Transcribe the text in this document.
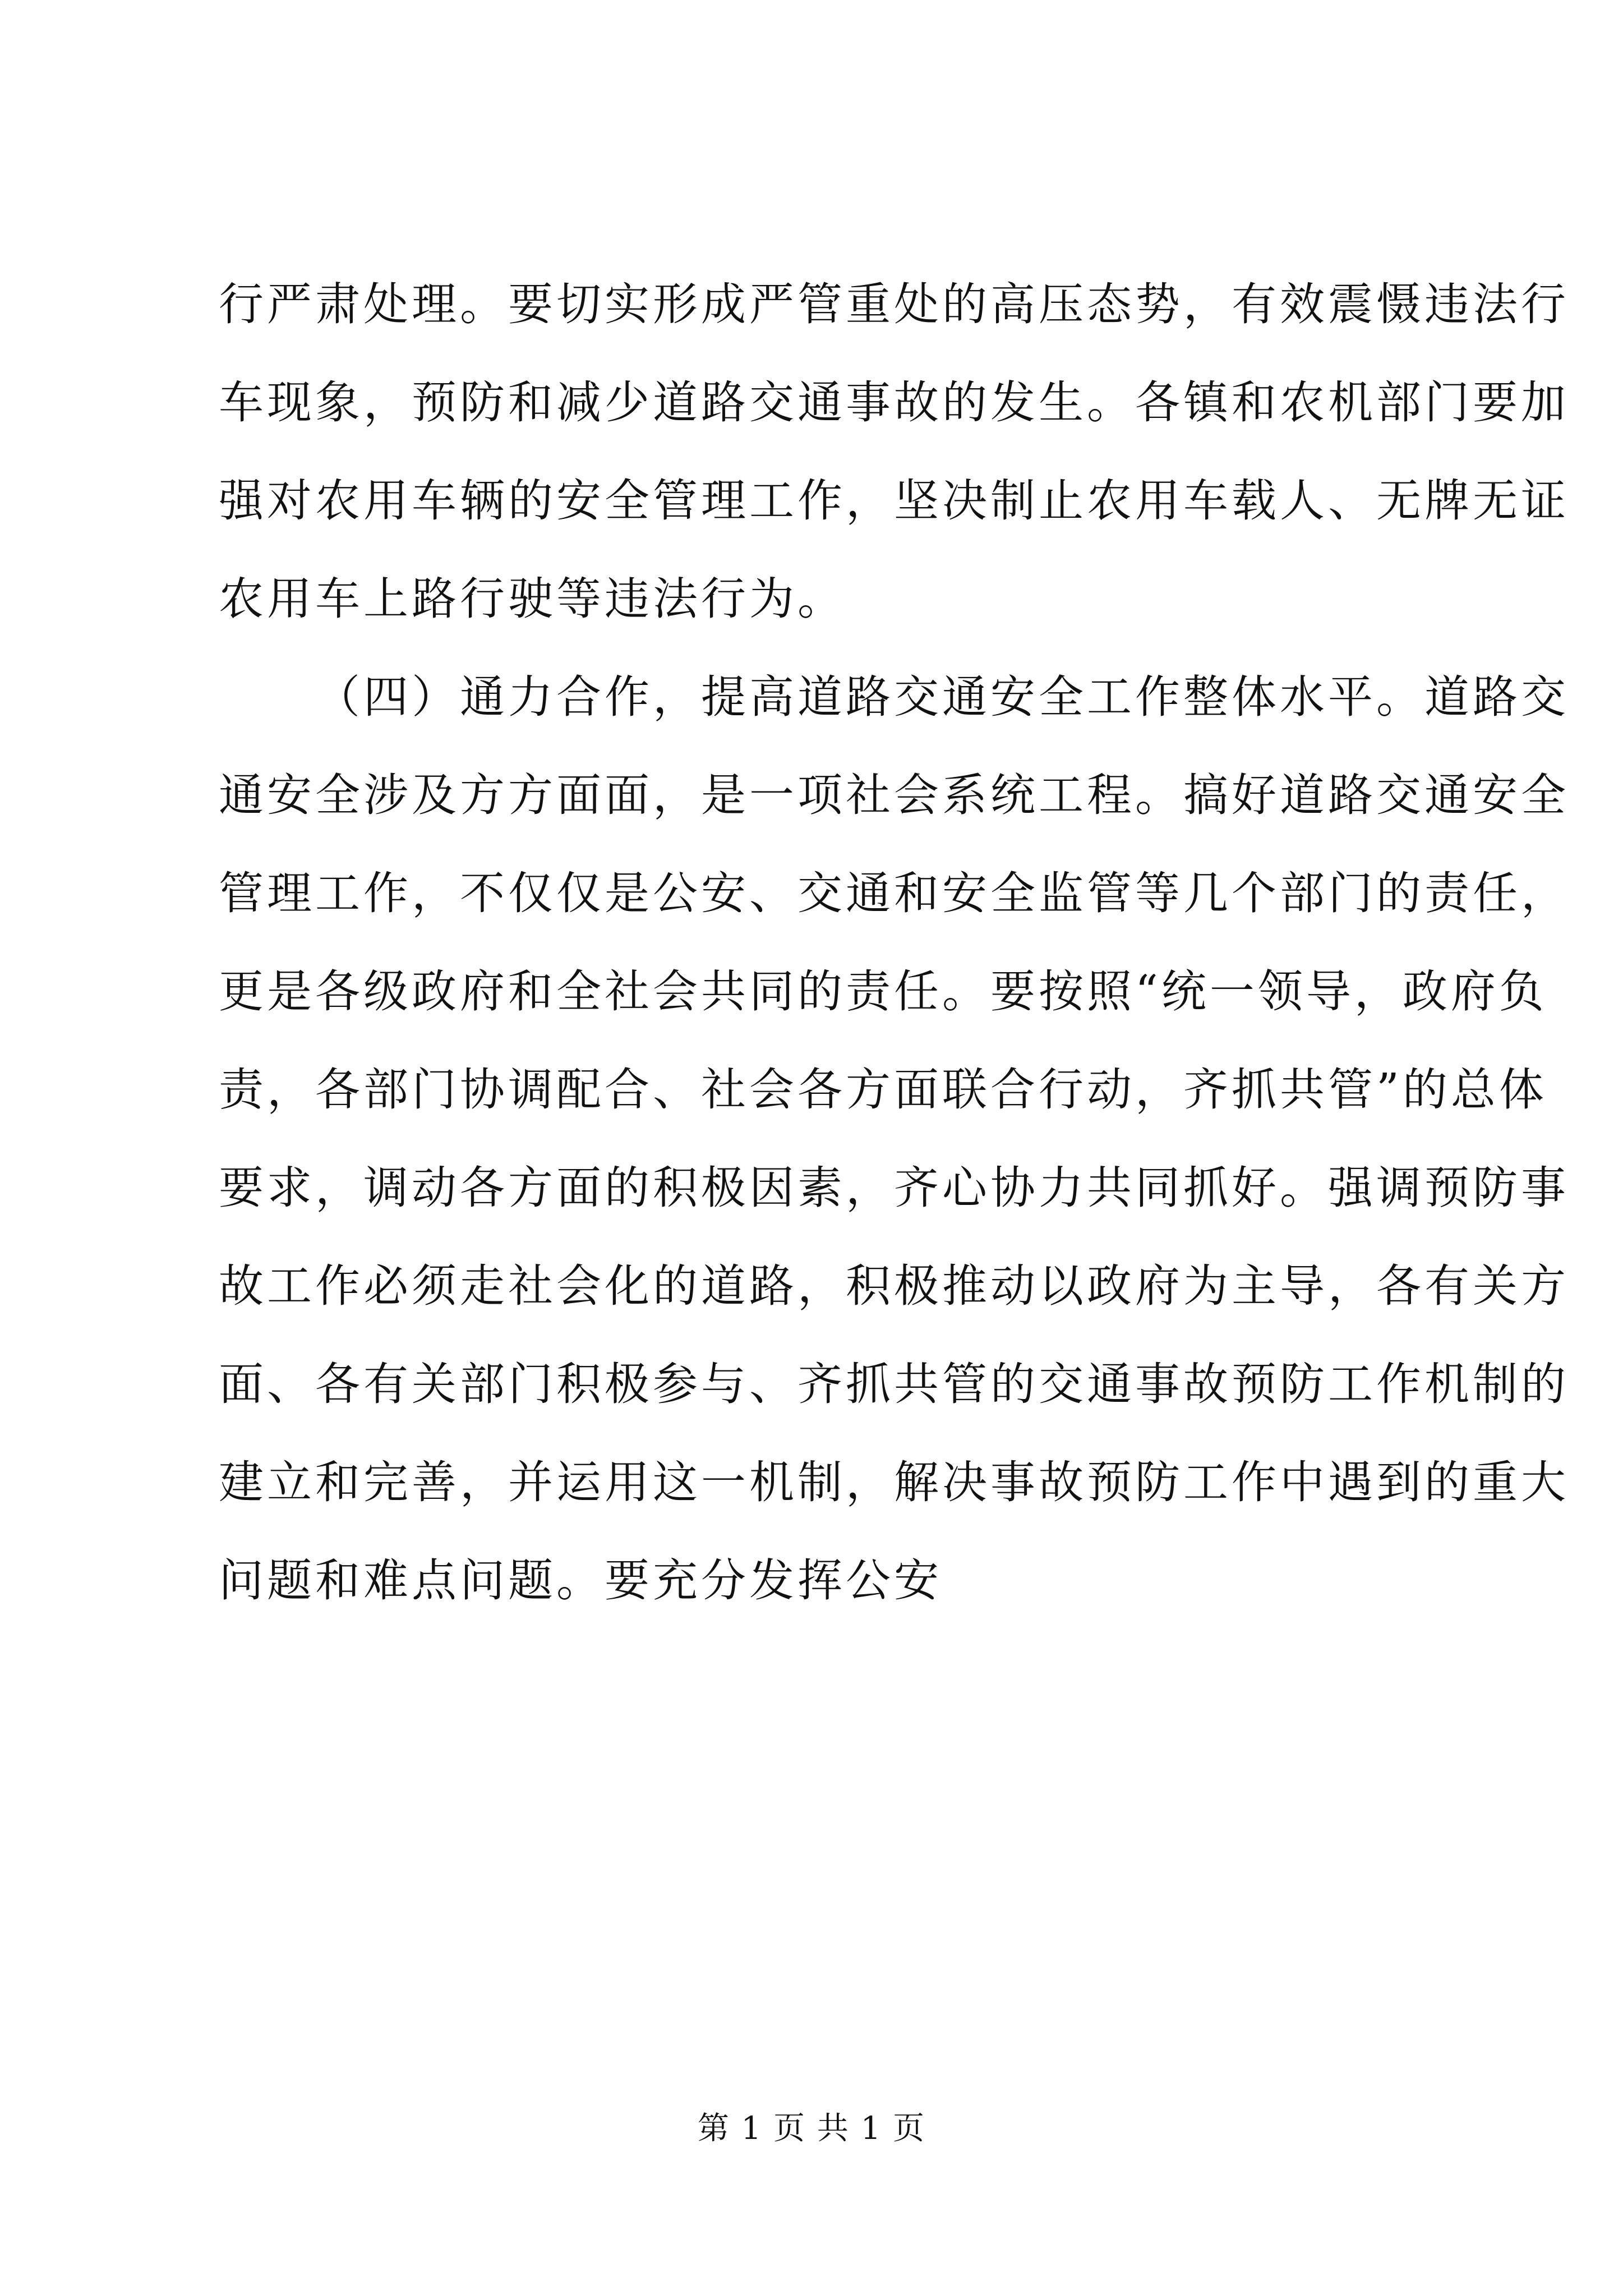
行严肃处理。要切实形成严管重处的高压态势，有效震慑违法行
车现象，预防和减少道路交通事故的发生。各镇和农机部门要加
强对农用车辆的安全管理工作，坚决制止农用车载人、无牌无证
农用车上路行驶等违法行为。
（四）通力合作，提高道路交通安全工作整体水平。道路交
通安全涉及方方面面，是一项社会系统工程。搞好道路交通安全
管理工作，不仅仅是公安、交通和安全监管等几个部门的责任，
更是各级政府和全社会共同的责任。要按照“统一领导，政府负
责，各部门协调配合、社会各方面联合行动，齐抓共管”的总体
要求，调动各方面的积极因素，齐心协力共同抓好。强调预防事
故工作必须走社会化的道路，积极推动以政府为主导，各有关方
面、各有关部门积极参与、齐抓共管的交通事故预防工作机制的
建立和完善，并运用这一机制，解决事故预防工作中遇到的重大
问题和难点问题。要充分发挥公安
第 1 页 共 1 页
